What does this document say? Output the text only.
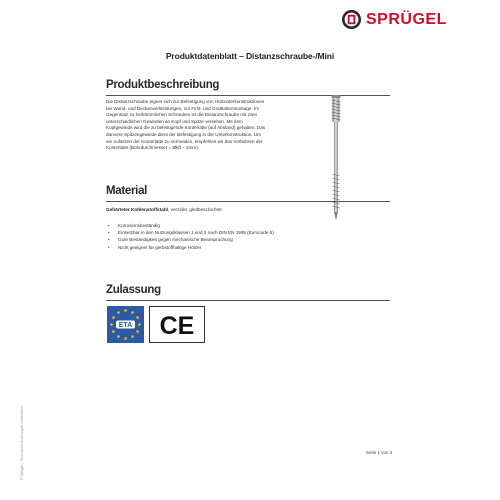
SPRÜGEL
Produktdatenblatt – Distanzschraube-/Mini
Produktbeschreibung

Die Distanzschraube eignet sich zur Befestigung von Holzunterkonstruktionen
bei Wand- und Deckenverkleidungen, zur First- und Grattlattenmontage. Im
Gegensatz zu herkömmlichen Schrauben ist die Distanzschraube mit zwei
unterschiedlichen Gewinden an Kopf und Spitze versehen. Mit dem
Kopfgewinde wird die zu befestigende Konterlatte (auf Abstand) gehalten. Das
dünnere Spitzengewinde dient der Befestigung in der Unterkonstruktion. Um
ein Aufsitzen der Konterlatte zu vermeiden, empfehlen wir das Vorbohren der
Konterlatte (Bohrdurchmesser = Økft – 2mm).

Material
Gehärteter Kohlenstoffstahl, verzinkt, gleitbeschichtet
• Korrosionsbeständig
• Einsetzbar in den Nutzungsklassen 1 und 2 nach DIN EN 1995 (Eurocode 5)
• Gute Beständigkeit gegen mechanische Beanspruchung
• Nicht geeignet für gerbstoffhaltige Hölzer
Zulassung
ETA CE
© Sprügel – Technische Änderungen vorbehalten	Seite 1 von 3
